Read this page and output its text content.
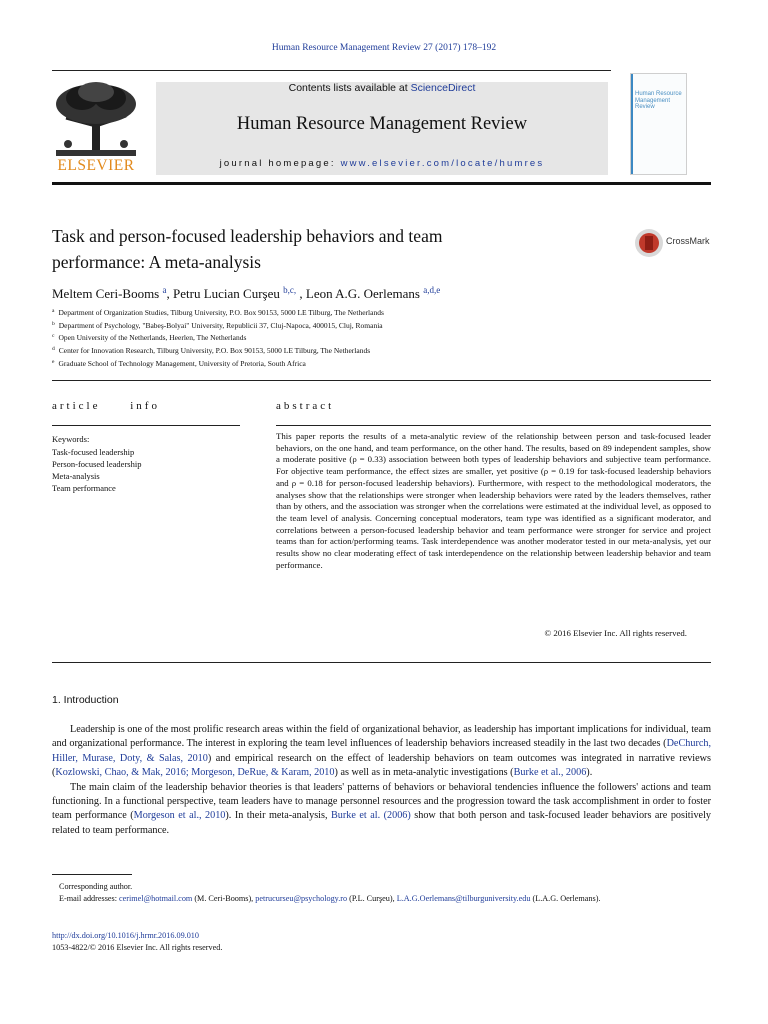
Human Resource Management Review 27 (2017) 178–192
ELSEVIER
Contents lists available at ScienceDirect
Human Resource Management Review
journal homepage: www.elsevier.com/locate/humres
Human Resource Management Review
Task and person-focused leadership behaviors and team performance: A meta-analysis
CrossMark
Meltem Ceri-Booms $^a$, Petru Lucian Curşeu $^{b,c,}$ , Leon A.G. Oerlemans $^{a,d,e}$
$^a$ Department of Organization Studies, Tilburg University, P.O. Box 90153, 5000 LE Tilburg, The Netherlands
$^b$ Department of Psychology, "Babeş-Bolyai" University, Republicii 37, Cluj-Napoca, 400015, Cluj, Romania
$^c$ Open University of the Netherlands, Heerlen, The Netherlands
$^d$ Center for Innovation Research, Tilburg University, P.O. Box 90153, 5000 LE Tilburg, The Netherlands
$^e$ Graduate School of Technology Management, University of Pretoria, South Africa
article info	abstract
Keywords:
Task-focused leadership
Person-focused leadership
Meta-analysis
Team performance
This paper reports the results of a meta-analytic review of the relationship between person and task-focused leader behaviors, on the one hand, and team performance, on the other hand. The results, based on 89 independent samples, show a moderate positive (ρ = 0.33) association between both types of leadership behaviors and subjective team performance. For objective team performance, the effect sizes are smaller, yet positive (ρ = 0.19 for task-focused leadership behaviors and ρ = 0.18 for person-focused leadership behaviors). Furthermore, with respect to the methodological moderators, the analyses show that the relationships were stronger when leadership behaviors were rated by the leaders themselves, rather than by others, and the association was stronger when the correlations were estimated at the individual level, as opposed to the team level of analysis. Concerning conceptual moderators, team type was identified as a significant moderator, and correlations between a person-focused leadership behavior and team performance were stronger for service and project teams than for action/performing teams. Task interdependence was another moderator tested in our meta-analysis, yet our results show no clear moderating effect of task interdependence on the relationship between leadership behavior and team performance.
© 2016 Elsevier Inc. All rights reserved.
1. Introduction

Leadership is one of the most prolific research areas within the field of organizational behavior, as leadership has important implications for individual, team and organizational performance. The interest in exploring the team level influences of leadership behaviors increased steadily in the last two decades (DeChurch, Hiller, Murase, Doty, & Salas, 2010) and empirical research on the effect of leadership behaviors on team outcomes was integrated in narrative reviews (Kozlowski, Chao, & Mak, 2016; Morgeson, DeRue, & Karam, 2010) as well as in meta-analytic investigations (Burke et al., 2006).

The main claim of the leadership behavior theories is that leaders' patterns of behaviors or behavioral tendencies influence the followers' actions and team functioning. In a functional perspective, team leaders have to manage personnel resources and the progression toward the task accomplishment in order to foster team performance (Morgeson et al., 2010). In their meta-analysis, Burke et al. (2006) show that both person and task-focused leader behaviors are positively related to team performance.

Corresponding author.
E-mail addresses: cerimel@hotmail.com (M. Ceri-Booms), petrucurseu@psychology.ro (P.L. Curşeu), L.A.G.Oerlemans@tilburguniversity.edu (L.A.G. Oerlemans).
http://dx.doi.org/10.1016/j.hrmr.2016.09.010
1053-4822/© 2016 Elsevier Inc. All rights reserved.
